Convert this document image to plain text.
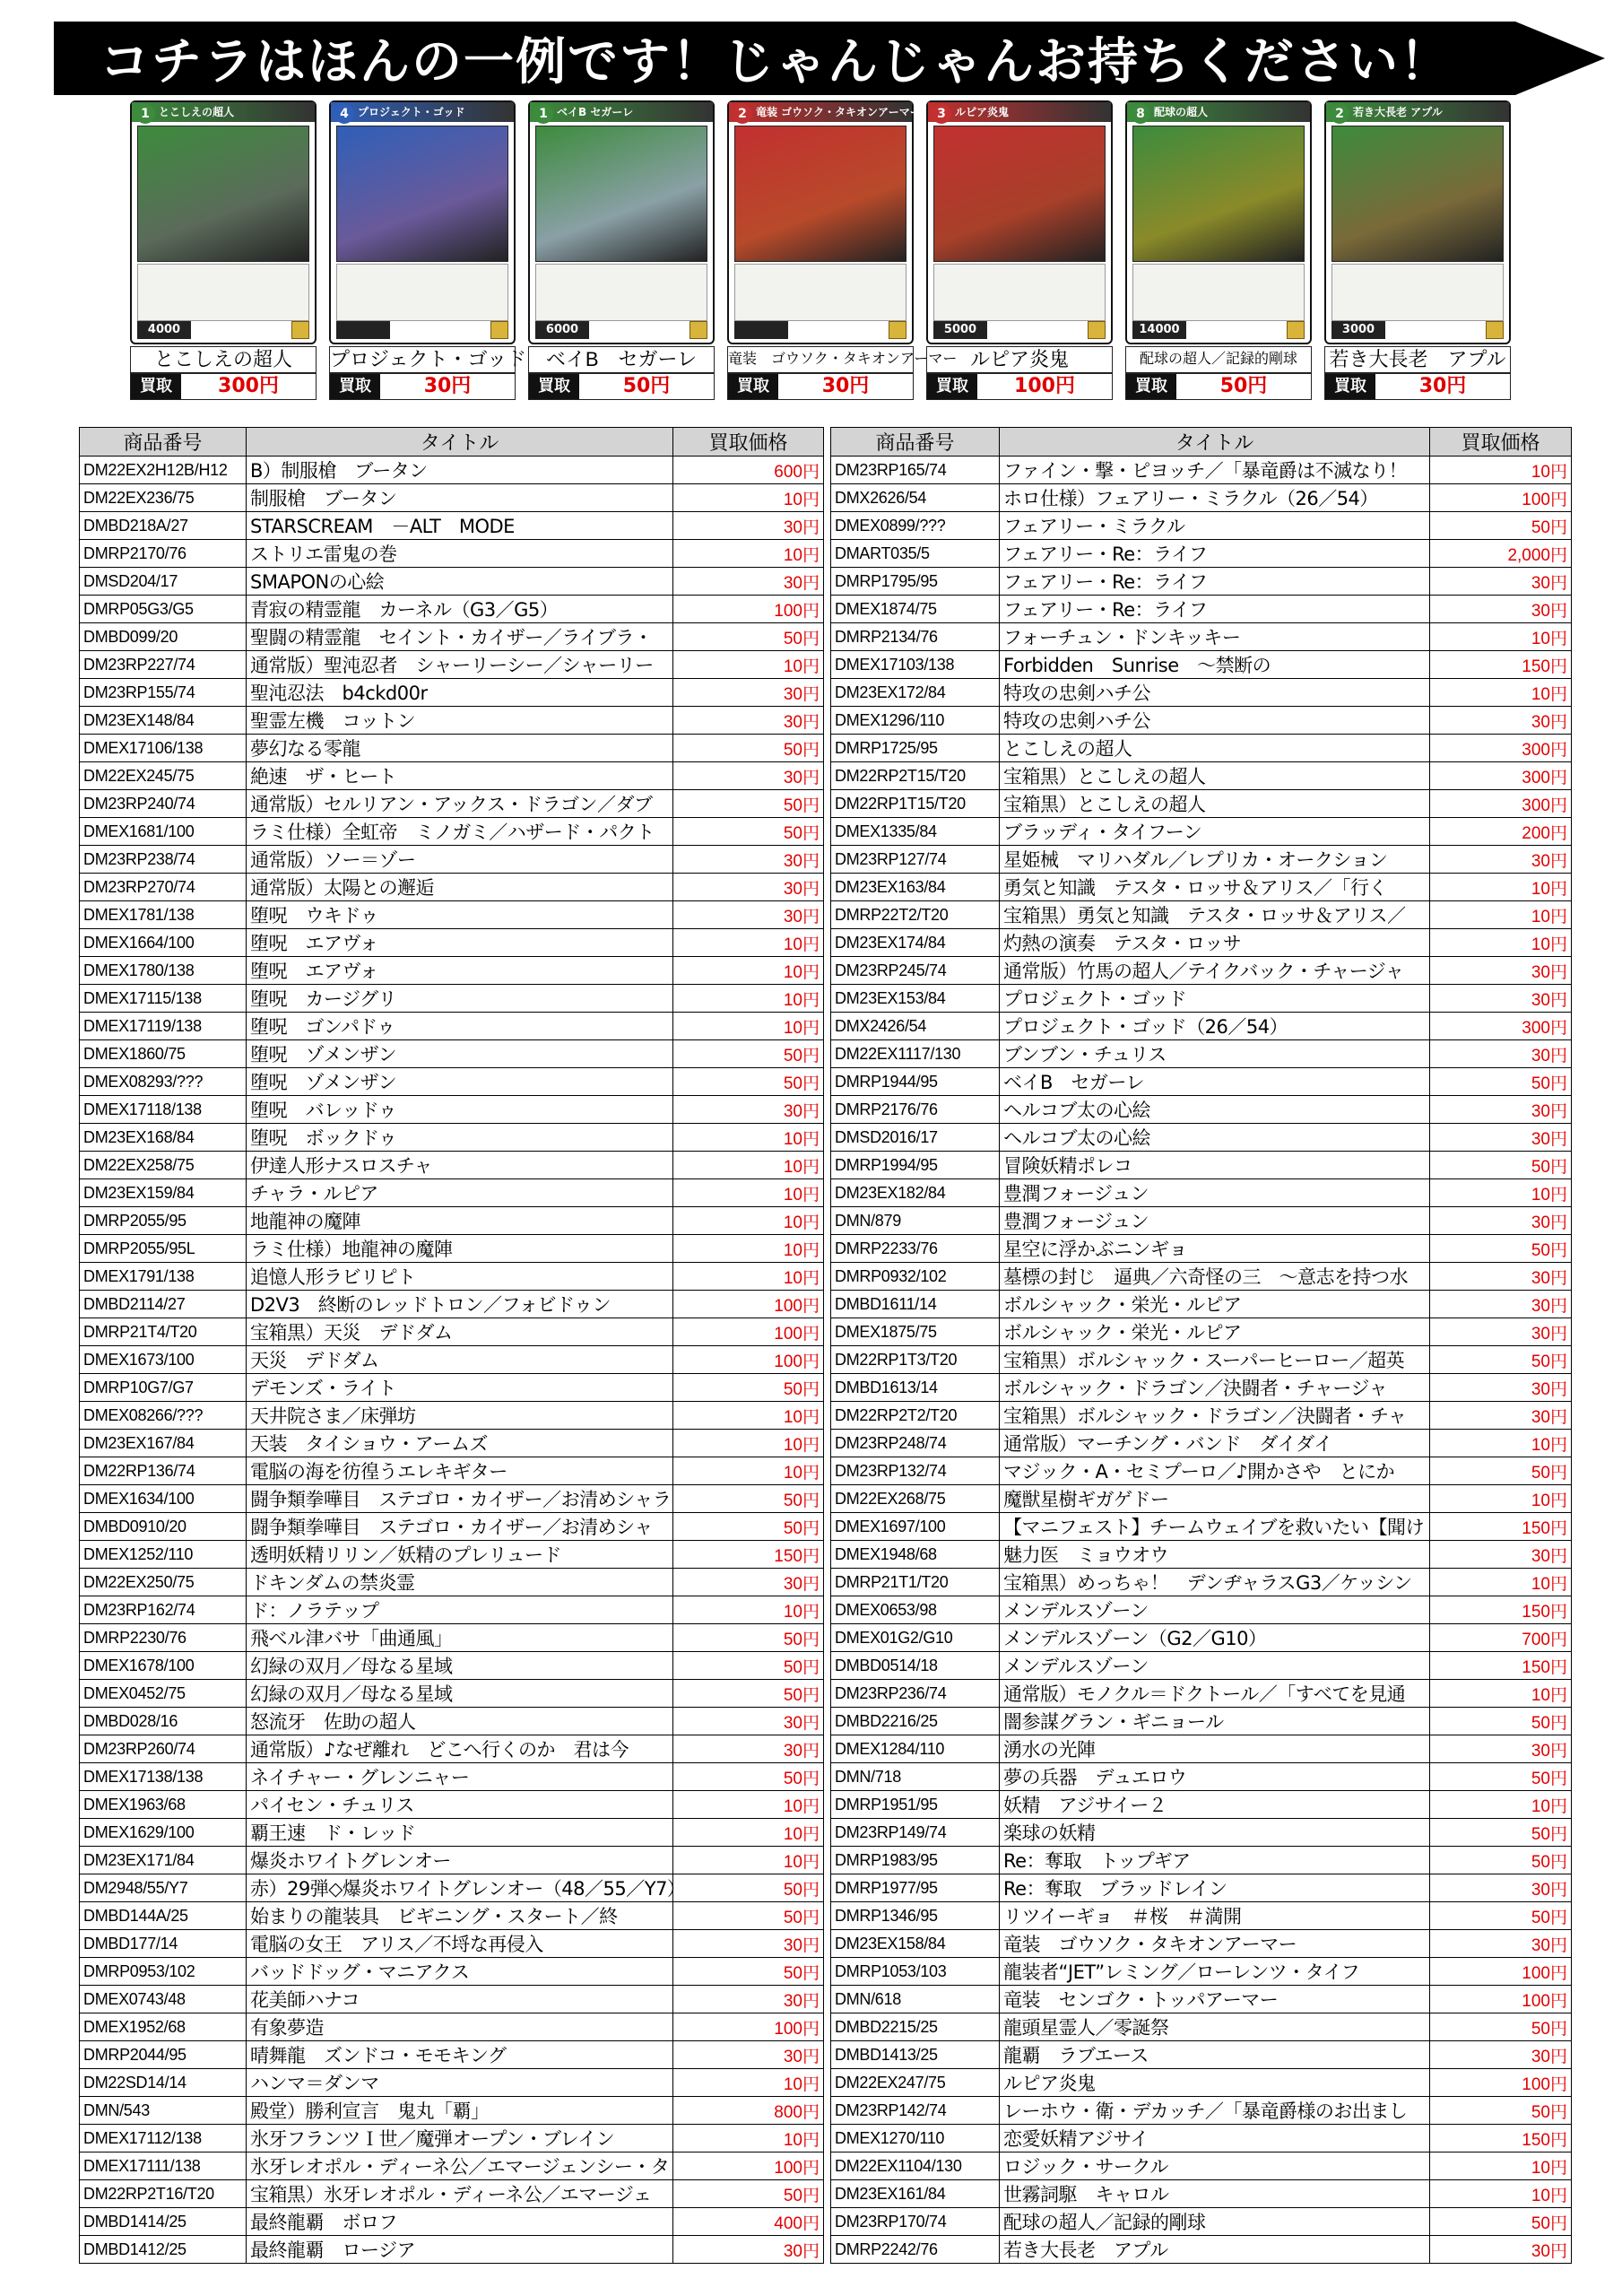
コチラはほんの一例です！じゃんじゃんお持ちください！
1 とこしえの超人
4000
とこしえの超人
買取	300円
4 プロジェクト・ゴッド
プロジェクト・ゴッド
買取	30円
1 ベイB セガーレ
6000
ベイB　セガーレ
買取	50円
2 竜装 ゴウソク・タキオンアーマー
竜装　ゴウソク・タキオンアーマー
買取	30円
3 ルピア炎鬼
5000
ルピア炎鬼
買取	100円
8 配球の超人
14000
配球の超人／記録的剛球
買取	50円
2 若き大長老 アプル
3000
若き大長老　アプル
買取	30円
商品番号	タイトル	買取価格
DM22EX2H12B/H12	B）制服槍　ブータン	600円
DM22EX236/75	制服槍　ブータン	10円
DMBD218A/27	STARSCREAM　－ALT　MODE	30円
DMRP2170/76	ストリエ雷鬼の巻	10円
DMSD204/17	SMAPONの心絵	30円
DMRP05G3/G5	青寂の精霊龍　カーネル（G3／G5）	100円
DMBD099/20	聖闘の精霊龍　セイント・カイザー／ライブラ・	50円
DM23RP227/74	通常版）聖沌忍者　シャーリーシー／シャーリー	10円
DM23RP155/74	聖沌忍法　b4ckd00r	30円
DM23EX148/84	聖霊左機　コットン	30円
DMEX17106/138	夢幻なる零龍	50円
DM22EX245/75	絶速　ザ・ヒート	30円
DM23RP240/74	通常版）セルリアン・アックス・ドラゴン／ダブ	50円
DMEX1681/100	ラミ仕様）全虹帝　ミノガミ／ハザード・パクト	50円
DM23RP238/74	通常版）ソー＝ゾー	30円
DM23RP270/74	通常版）太陽との邂逅	30円
DMEX1781/138	堕呪　ウキドゥ	30円
DMEX1664/100	堕呪　エアヴォ	10円
DMEX1780/138	堕呪　エアヴォ	10円
DMEX17115/138	堕呪　カージグリ	10円
DMEX17119/138	堕呪　ゴンパドゥ	10円
DMEX1860/75	堕呪　ゾメンザン	50円
DMEX08293/???	堕呪　ゾメンザン	50円
DMEX17118/138	堕呪　バレッドゥ	30円
DM23EX168/84	堕呪　ボックドゥ	10円
DM22EX258/75	伊達人形ナスロスチャ	10円
DM23EX159/84	チャラ・ルピア	10円
DMRP2055/95	地龍神の魔陣	10円
DMRP2055/95L	ラミ仕様）地龍神の魔陣	10円
DMEX1791/138	追憶人形ラビリピト	10円
DMBD2114/27	D2V3　終断のレッドトロン／フォビドゥン	100円
DMRP21T4/T20	宝箱黒）天災　デドダム	100円
DMEX1673/100	天災　デドダム	100円
DMRP10G7/G7	デモンズ・ライト	50円
DMEX08266/???	天井院さま／床弾坊	10円
DM23EX167/84	天装　タイショウ・アームズ	10円
DM22RP136/74	電脳の海を彷徨うエレキギター	10円
DMEX1634/100	闘争類拳嘩目　ステゴロ・カイザー／お清めシャラ	50円
DMBD0910/20	闘争類拳嘩目　ステゴロ・カイザー／お清めシャ	50円
DMEX1252/110	透明妖精リリン／妖精のプレリュード	150円
DM22EX250/75	ドキンダムの禁炎霊	30円
DM23RP162/74	ド：ノラテップ	10円
DMRP2230/76	飛べル津バサ「曲通風」	50円
DMEX1678/100	幻緑の双月／母なる星域	50円
DMEX0452/75	幻緑の双月／母なる星域	50円
DMBD028/16	怒流牙　佐助の超人	30円
DM23RP260/74	通常版）♪なぜ離れ　どこへ行くのか　君は今	30円
DMEX17138/138	ネイチャー・グレンニャー	50円
DMEX1963/68	パイセン・チュリス	10円
DMEX1629/100	覇王速　ド・レッド	10円
DM23EX171/84	爆炎ホワイトグレンオー	10円
DM2948/55/Y7	赤）29弾◇爆炎ホワイトグレンオー（48／55／Y7）	50円
DMBD144A/25	始まりの龍装具　ビギニング・スタート／終	50円
DMBD177/14	電脳の女王　アリス／不埒な再侵入	30円
DMRP0953/102	バッドドッグ・マニアクス	50円
DMEX0743/48	花美師ハナコ	30円
DMEX1952/68	有象夢造	100円
DMRP2044/95	晴舞龍　ズンドコ・モモキング	30円
DM22SD14/14	ハンマ＝ダンマ	10円
DMN/543	殿堂）勝利宣言　鬼丸「覇」	800円
DMEX17112/138	氷牙フランツＩ世／魔弾オープン・ブレイン	10円
DMEX17111/138	氷牙レオポル・ディーネ公／エマージェンシー・タ	100円
DM22RP2T16/T20	宝箱黒）氷牙レオポル・ディーネ公／エマージェ	50円
DMBD1414/25	最終龍覇　ボロフ	400円
DMBD1412/25	最終龍覇　ロージア	30円
商品番号	タイトル	買取価格
DM23RP165/74	ファイン・撃・ピヨッチ／「暴竜爵は不滅なり！	10円
DMX2626/54	ホロ仕様）フェアリー・ミラクル（26／54）	100円
DMEX0899/???	フェアリー・ミラクル	50円
DMART035/5	フェアリー・Re：ライフ	2,000円
DMRP1795/95	フェアリー・Re：ライフ	30円
DMEX1874/75	フェアリー・Re：ライフ	30円
DMRP2134/76	フォーチュン・ドンキッキー	10円
DMEX17103/138	Forbidden　Sunrise　～禁断の	150円
DM23EX172/84	特攻の忠剣ハチ公	10円
DMEX1296/110	特攻の忠剣ハチ公	30円
DMRP1725/95	とこしえの超人	300円
DM22RP2T15/T20	宝箱黒）とこしえの超人	300円
DM22RP1T15/T20	宝箱黒）とこしえの超人	300円
DMEX1335/84	ブラッディ・タイフーン	200円
DM23RP127/74	星姫械　マリハダル／レプリカ・オークション	30円
DM23EX163/84	勇気と知識　テスタ・ロッサ＆アリス／「行く	10円
DMRP22T2/T20	宝箱黒）勇気と知識　テスタ・ロッサ＆アリス／	10円
DM23EX174/84	灼熱の演奏　テスタ・ロッサ	10円
DM23RP245/74	通常版）竹馬の超人／テイクバック・チャージャ	30円
DM23EX153/84	プロジェクト・ゴッド	30円
DMX2426/54	プロジェクト・ゴッド（26／54）	300円
DM22EX1117/130	ブンブン・チュリス	30円
DMRP1944/95	ベイB　セガーレ	50円
DMRP2176/76	ヘルコブ太の心絵	30円
DMSD2016/17	ヘルコブ太の心絵	30円
DMRP1994/95	冒険妖精ポレコ	50円
DM23EX182/84	豊潤フォージュン	10円
DMN/879	豊潤フォージュン	30円
DMRP2233/76	星空に浮かぶニンギョ	50円
DMRP0932/102	墓標の封じ　逼典／六奇怪の三　～意志を持つ水	30円
DMBD1611/14	ボルシャック・栄光・ルピア	30円
DMEX1875/75	ボルシャック・栄光・ルピア	30円
DM22RP1T3/T20	宝箱黒）ボルシャック・スーパーヒーロー／超英	50円
DMBD1613/14	ボルシャック・ドラゴン／決闘者・チャージャ	30円
DM22RP2T2/T20	宝箱黒）ボルシャック・ドラゴン／決闘者・チャ	30円
DM23RP248/74	通常版）マーチング・バンド　ダイダイ	10円
DM23RP132/74	マジック・A・セミプーロ／♪開かさや　とにか	50円
DM22EX268/75	魔獣星樹ギガゲドー	10円
DMEX1697/100	【マニフェスト】チームウェイブを救いたい【聞け	150円
DMEX1948/68	魅力医　ミョウオウ	30円
DMRP21T1/T20	宝箱黒）めっちゃ！　デンヂャラスG3／ケッシン	10円
DMEX0653/98	メンデルスゾーン	150円
DMEX01G2/G10	メンデルスゾーン（G2／G10）	700円
DMBD0514/18	メンデルスゾーン	150円
DM23RP236/74	通常版）モノクル＝ドクトール／「すべてを見通	10円
DMBD2216/25	闇参謀グラン・ギニョール	50円
DMEX1284/110	湧水の光陣	30円
DMN/718	夢の兵器　デュエロウ	50円
DMRP1951/95	妖精　アジサイー２	10円
DM23RP149/74	楽球の妖精	50円
DMRP1983/95	Re：奪取　トップギア	50円
DMRP1977/95	Re：奪取　ブラッドレイン	30円
DMRP1346/95	リツイーギョ　＃桜　＃満開	50円
DM23EX158/84	竜装　ゴウソク・タキオンアーマー	30円
DMRP1053/103	龍装者“JET”レミング／ローレンツ・タイフ	100円
DMN/618	竜装　センゴク・トッパアーマー	100円
DMBD2215/25	龍頭星霊人／零誕祭	50円
DMBD1413/25	龍覇　ラブエース	30円
DM22EX247/75	ルピア炎鬼	100円
DM23RP142/74	レーホウ・衛・デカッチ／「暴竜爵様のお出まし	50円
DMEX1270/110	恋愛妖精アジサイ	150円
DM22EX1104/130	ロジック・サークル	10円
DM23EX161/84	世霧詞駆　キャロル	10円
DM23RP170/74	配球の超人／記録的剛球	50円
DMRP2242/76	若き大長老　アプル	30円
